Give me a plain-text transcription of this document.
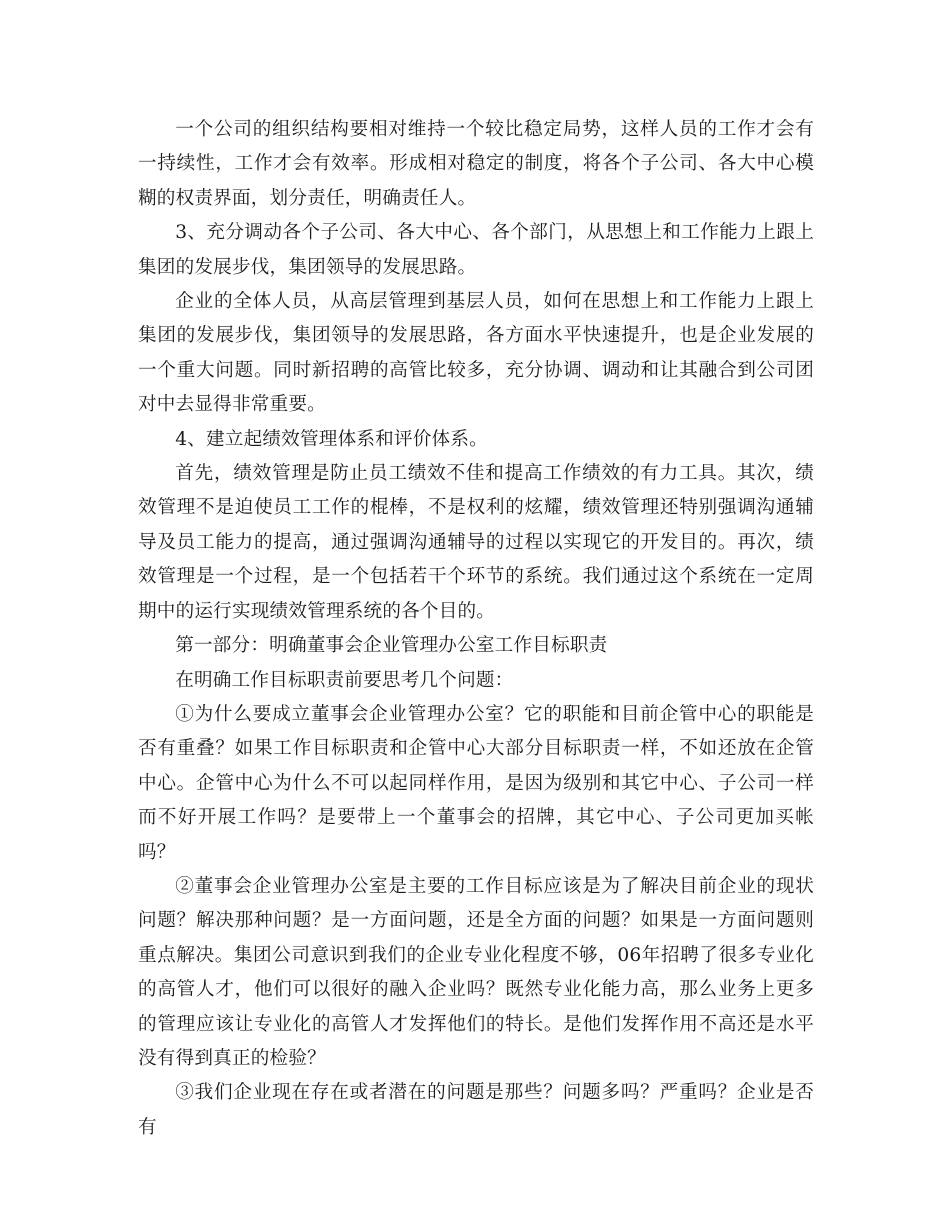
一个公司的组织结构要相对维持一个较比稳定局势，这样人员的工作才会有一持续性，工作才会有效率。形成相对稳定的制度，将各个子公司、各大中心模糊的权责界面，划分责任，明确责任人。

3、充分调动各个子公司、各大中心、各个部门，从思想上和工作能力上跟上集团的发展步伐，集团领导的发展思路。

企业的全体人员，从高层管理到基层人员，如何在思想上和工作能力上跟上集团的发展步伐，集团领导的发展思路，各方面水平快速提升，也是企业发展的一个重大问题。同时新招聘的高管比较多，充分协调、调动和让其融合到公司团对中去显得非常重要。

4、建立起绩效管理体系和评价体系。

首先，绩效管理是防止员工绩效不佳和提高工作绩效的有力工具。其次，绩效管理不是迫使员工工作的棍棒，不是权利的炫耀，绩效管理还特别强调沟通辅导及员工能力的提高，通过强调沟通辅导的过程以实现它的开发目的。再次，绩效管理是一个过程，是一个包括若干个环节的系统。我们通过这个系统在一定周期中的运行实现绩效管理系统的各个目的。

第一部分：明确董事会企业管理办公室工作目标职责

在明确工作目标职责前要思考几个问题：

①为什么要成立董事会企业管理办公室？它的职能和目前企管中心的职能是否有重叠？如果工作目标职责和企管中心大部分目标职责一样，不如还放在企管中心。企管中心为什么不可以起同样作用，是因为级别和其它中心、子公司一样而不好开展工作吗？是要带上一个董事会的招牌，其它中心、子公司更加买帐吗？

②董事会企业管理办公室是主要的工作目标应该是为了解决目前企业的现状问题？解决那种问题？是一方面问题，还是全方面的问题？如果是一方面问题则重点解决。集团公司意识到我们的企业专业化程度不够，06年招聘了很多专业化的高管人才，他们可以很好的融入企业吗？既然专业化能力高，那么业务上更多的管理应该让专业化的高管人才发挥他们的特长。是他们发挥作用不高还是水平没有得到真正的检验？

③我们企业现在存在或者潜在的问题是那些？问题多吗？严重吗？企业是否有
